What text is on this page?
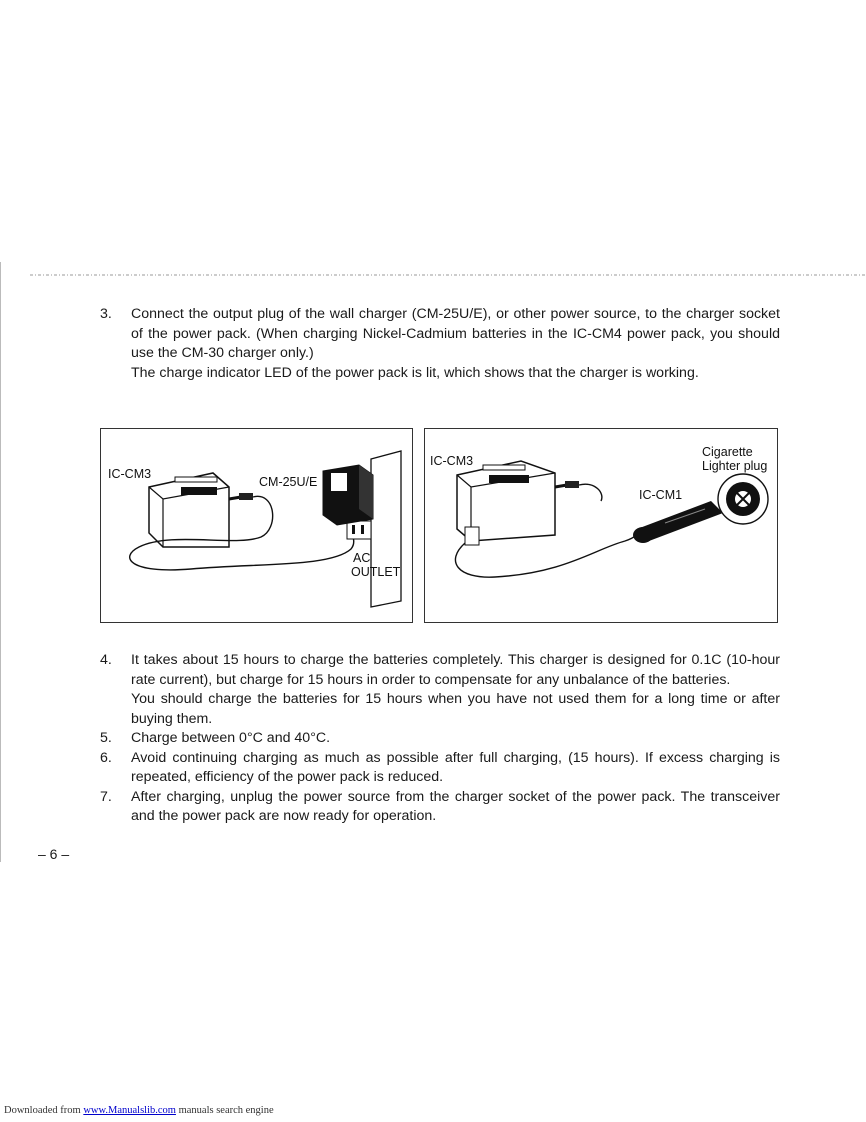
3. Connect the output plug of the wall charger (CM-25U/E), or other power source, to the charger socket of the power pack. (When charging Nickel-Cadmium batteries in the IC-CM4 power pack, you should use the CM-30 charger only.)
The charge indicator LED of the power pack is lit, which shows that the charger is working.
IC-CM3
CM-25U/E
AC
OUTLET
IC-CM3
Cigarette
Lighter plug
IC-CM1
4. It takes about 15 hours to charge the batteries completely. This charger is designed for 0.1C (10-hour rate current), but charge for 15 hours in order to compensate for any unbalance of the batteries.
You should charge the batteries for 15 hours when you have not used them for a long time or after buying them.
5. Charge between 0°C and 40°C.
6. Avoid continuing charging as much as possible after full charging, (15 hours). If excess charging is repeated, efficiency of the power pack is reduced.
7. After charging, unplug the power source from the charger socket of the power pack. The transceiver and the power pack are now ready for operation.
– 6 –
Downloaded from www.Manualslib.com manuals search engine
